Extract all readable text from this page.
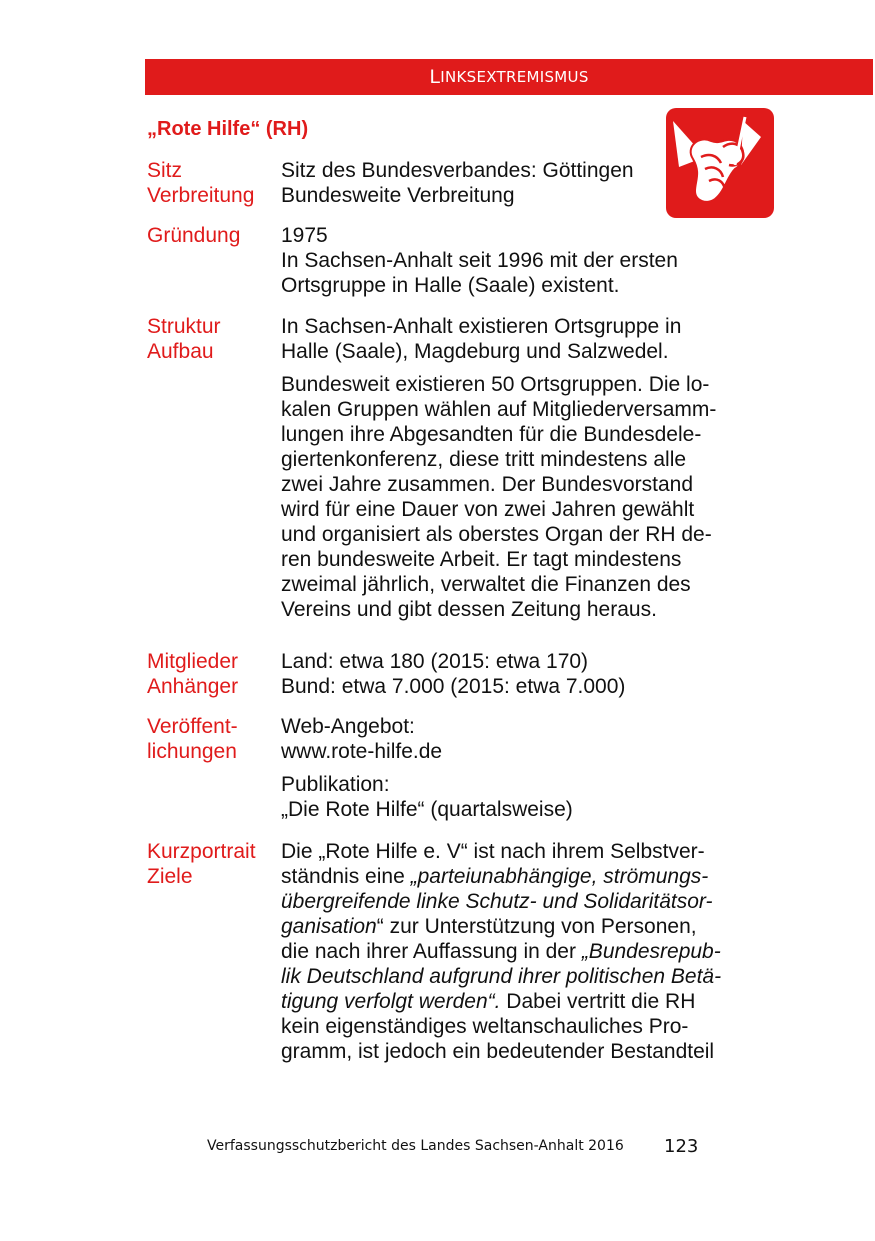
L INKSEXTREMISMUS
„Rote Hilfe“ (RH)
Sitz
Verbreitung
Sitz des Bundesverbandes: Göttingen
Bundesweite Verbreitung
Gründung 1975
In Sachsen-Anhalt seit 1996 mit der ersten
Ortsgruppe in Halle (Saale) existent.
Struktur
Aufbau
In Sachsen-Anhalt existieren Ortsgruppe in
Halle (Saale), Magdeburg und Salzwedel.
Bundesweit existieren 50 Ortsgruppen. Die lo-
kalen Gruppen wählen auf Mitgliederversamm-
lungen ihre Abgesandten für die Bundesdele-
giertenkonferenz, diese tritt mindestens alle
zwei Jahre zusammen. Der Bundesvorstand
wird für eine Dauer von zwei Jahren gewählt
und organisiert als oberstes Organ der RH de-
ren bundesweite Arbeit. Er tagt mindestens
zweimal jährlich, verwaltet die Finanzen des
Vereins und gibt dessen Zeitung heraus.
Mitglieder
Anhänger
Land: etwa 180 (2015: etwa 170)
Bund: etwa 7.000 (2015: etwa 7.000)
Veröffent-
lichungen
Web-Angebot:
www.rote-hilfe.de
Publikation:
„Die Rote Hilfe“ (quartalsweise)
Kurzportrait
Ziele
Die „Rote Hilfe e. V“ ist nach ihrem Selbstver-
ständnis eine „parteiunabhängige, strömungs-
übergreifende linke Schutz- und Solidaritätsor-
ganisation“ zur Unterstützung von Personen,
die nach ihrer Auffassung in der „Bundesrepub-
lik Deutschland aufgrund ihrer politischen Betä-
tigung verfolgt werden“. Dabei vertritt die RH
kein eigenständiges weltanschauliches Pro-
gramm, ist jedoch ein bedeutender Bestandteil
Verfassungsschutzbericht des Landes Sachsen-Anhalt 2016 123
